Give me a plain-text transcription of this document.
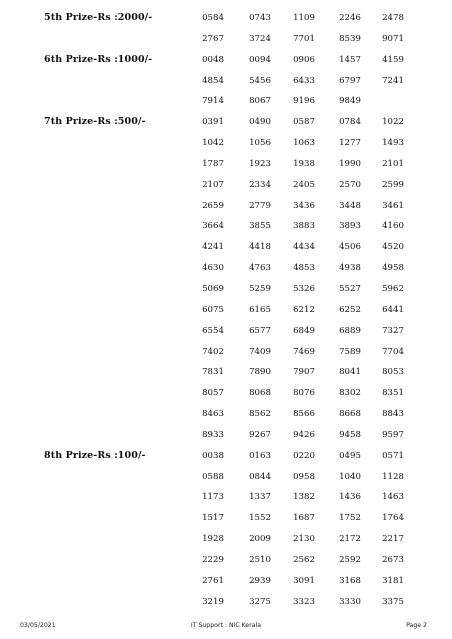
5th Prize-Rs :2000/-	0584	0743	1109	2246	2478
2767	3724	7701	8539	9071
6th Prize-Rs :1000/-	0048	0094	0906	1457	4159
4854	5456	6433	6797	7241
7914	8067	9196	9849
7th Prize-Rs :500/-	0391	0490	0587	0784	1022
1042	1056	1063	1277	1493
1787	1923	1938	1990	2101
2107	2334	2405	2570	2599
2659	2779	3436	3448	3461
3664	3855	3883	3893	4160
4241	4418	4434	4506	4520
4630	4763	4853	4938	4958
5069	5259	5326	5527	5962
6075	6165	6212	6252	6441
6554	6577	6849	6889	7327
7402	7409	7469	7589	7704
7831	7890	7907	8041	8053
8057	8068	8076	8302	8351
8463	8562	8566	8668	8843
8933	9267	9426	9458	9597
8th Prize-Rs :100/-	0038	0163	0220	0495	0571
0588	0844	0958	1040	1128
1173	1337	1382	1436	1463
1517	1552	1687	1752	1764
1928	2009	2130	2172	2217
2229	2510	2562	2592	2673
2761	2939	3091	3168	3181
3219	3275	3323	3330	3375
03/05/2021	IT Support : NIC Kerala	Page 2
